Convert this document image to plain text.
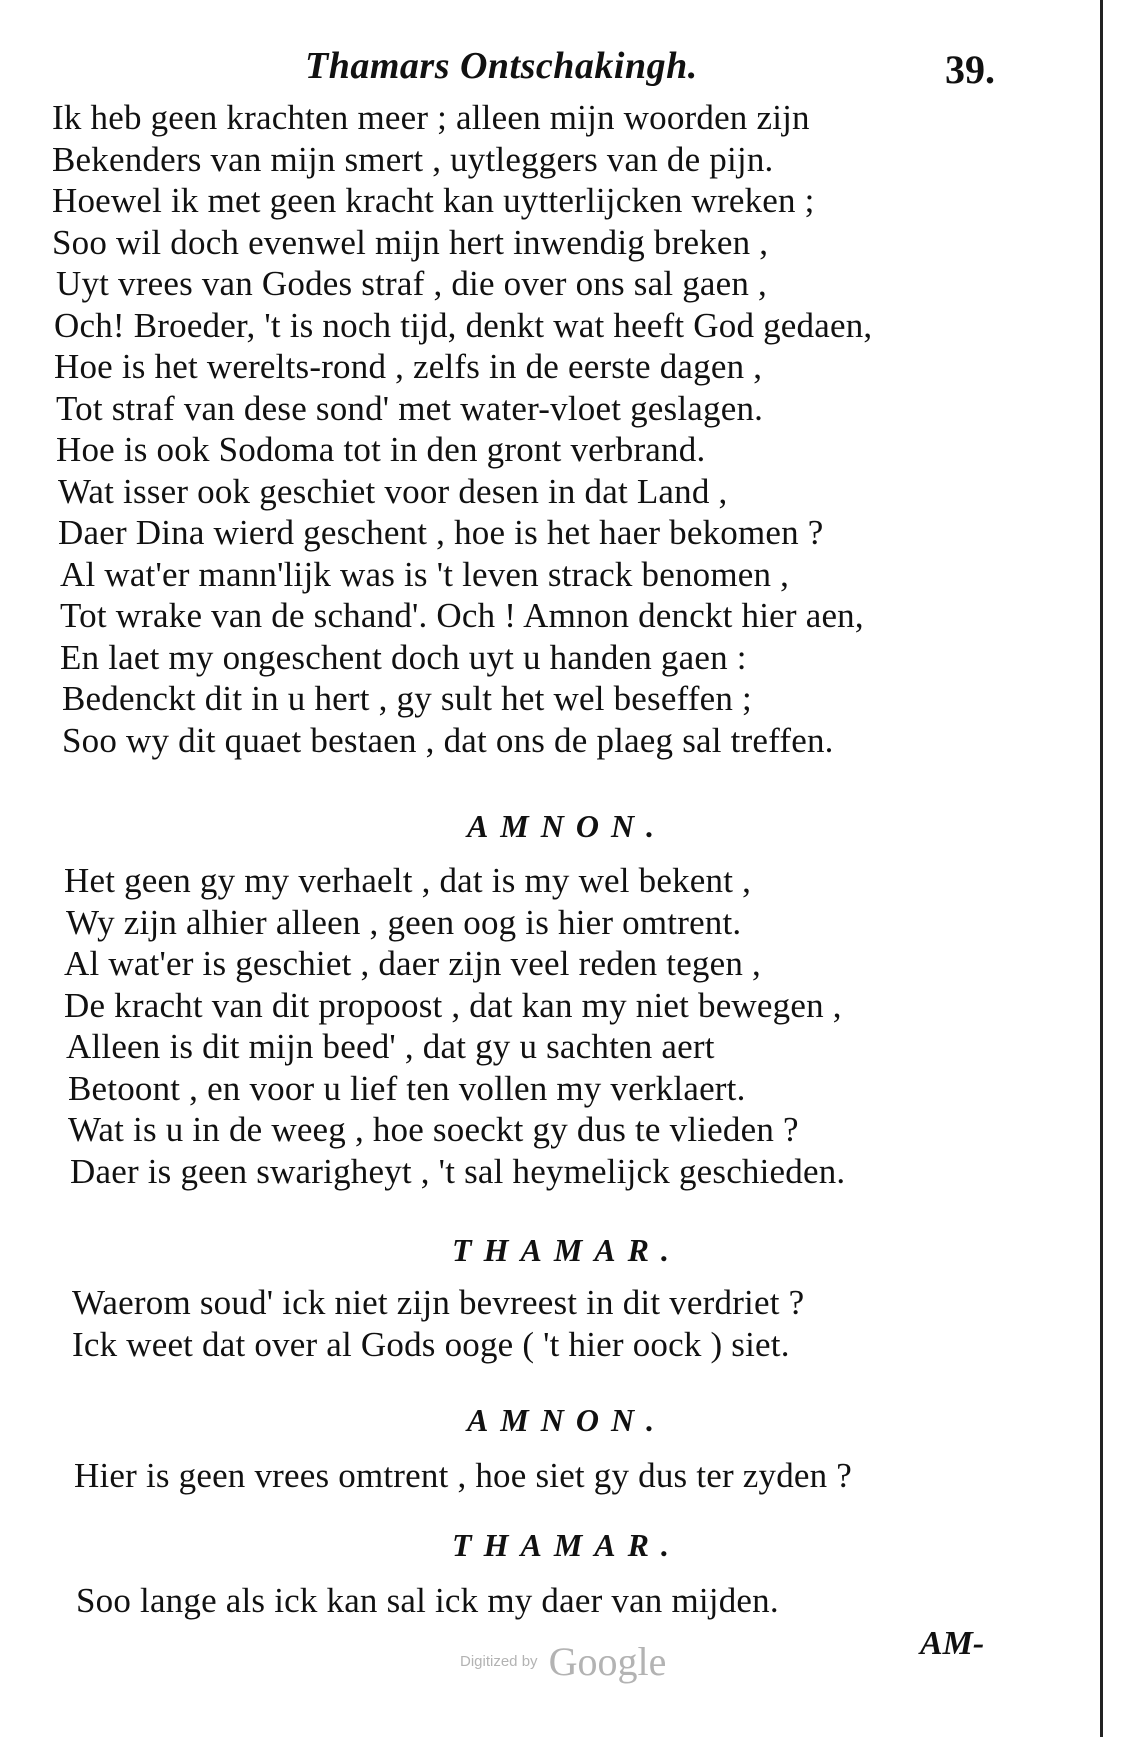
Thamars Ontschakingh.	39.

Ik heb geen krachten meer ; alleen mijn woorden zijn

Bekenders van mijn smert , uytleggers van de pijn.

Hoewel ik met geen kracht kan uytterlijcken wreken ;

Soo wil doch evenwel mijn hert inwendig breken ,

Uyt vrees van Godes straf , die over ons sal gaen ,

Och! Broeder, 't is noch tijd, denkt wat heeft God gedaen,

Hoe is het werelts-rond , zelfs in de eerste dagen ,

Tot straf van dese sond' met water-vloet geslagen.

Hoe is ook Sodoma tot in den gront verbrand.

Wat isser ook geschiet voor desen in dat Land ,

Daer Dina wierd geschent , hoe is het haer bekomen ?

Al wat'er mann'lijk was is 't leven strack benomen ,

Tot wrake van de schand'. Och ! Amnon denckt hier aen,

En laet my ongeschent doch uyt u handen gaen :

Bedenckt dit in u hert , gy sult het wel beseffen ;

Soo wy dit quaet bestaen , dat ons de plaeg sal treffen.

AMNON.

Het geen gy my verhaelt , dat is my wel bekent ,

Wy zijn alhier alleen , geen oog is hier omtrent.

Al wat'er is geschiet , daer zijn veel reden tegen ,

De kracht van dit propoost , dat kan my niet bewegen ,

Alleen is dit mijn beed' , dat gy u sachten aert

Betoont , en voor u lief ten vollen my verklaert.

Wat is u in de weeg , hoe soeckt gy dus te vlieden ?

Daer is geen swarigheyt , 't sal heymelijck geschieden.

THAMAR.

Waerom soud' ick niet zijn bevreest in dit verdriet ?

Ick weet dat over al Gods ooge ( 't hier oock ) siet.

AMNON.

Hier is geen vrees omtrent , hoe siet gy dus ter zyden ?

THAMAR.

Soo lange als ick kan sal ick my daer van mijden.

AM-
Digitized by Google
